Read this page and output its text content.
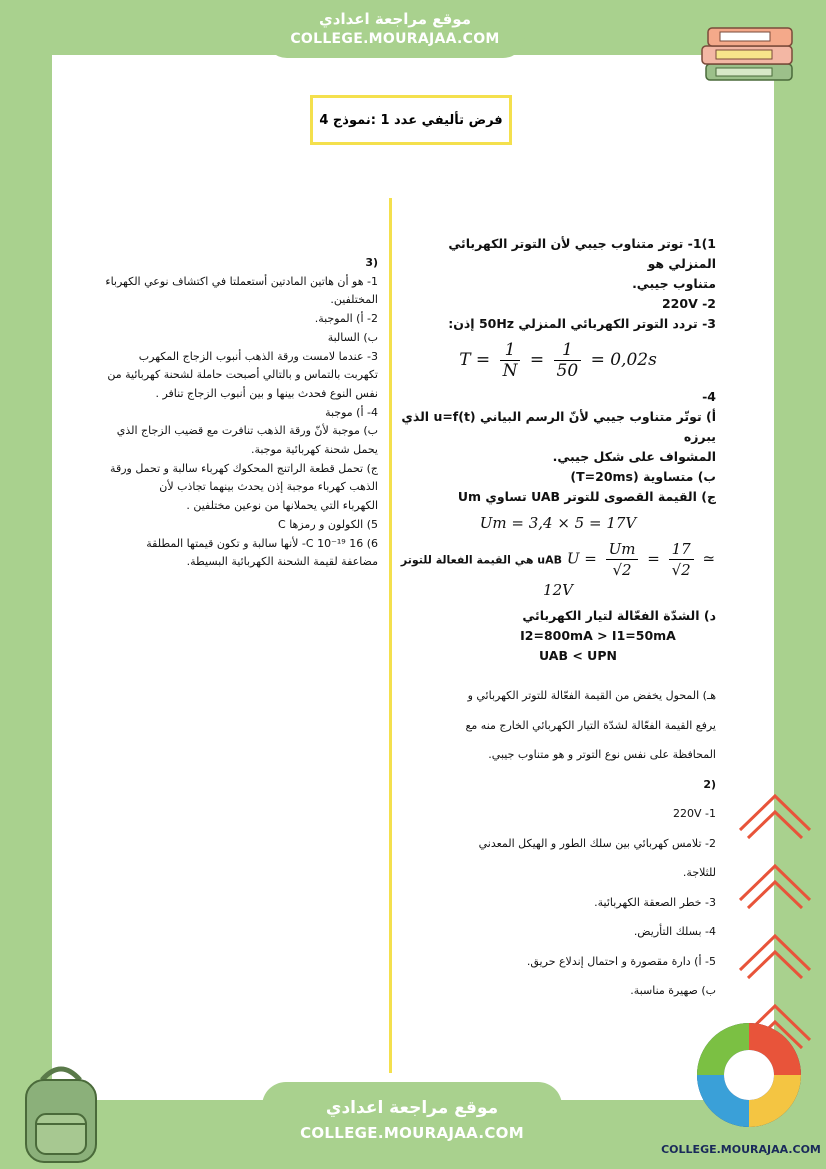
موقع مراجعة اعدادي
COLLEGE.MOURAJAA.COM
فرض تأليفي عدد 1 :نموذج 4

(3

1- هو أن هاتين المادتين أستعملتا في اكتشاف نوعي الكهرباء

المختلفين.

2- أ) الموجبة.

ب) السالبة

3- عندما لامست ورقة الذهب أنبوب الزجاج المكهرب

تكهربت بالتماس و بالتالي أصبحت حاملة لشحنة كهربائية من

نفس النوع فحدث بينها و بين أنبوب الزجاج تنافر .

4- أ) موجبة

ب) موجبة لأنّ ورقة الذهب تنافرت مع قضيب الزجاج الذي

يحمل شحنة كهربائية موجبة.

ج) تحمل قطعة الراتنج المحكوك كهرباء سالبة و تحمل ورقة

الذهب كهرباء موجبة إذن يحدث بينهما تجاذب لأن

الكهرباء التي يحملانها من نوعين مختلفين .

5) الكولون و رمزها C

6) C 10⁻¹⁹ 16- لأنها سالبة و تكون قيمتها المطلقة

مضاعفة لقيمة الشحنة الكهربائية البسيطة.

1)1- توتر متناوب جيبي لأن التوتر الكهربائي المنزلي هو

متناوب جيبي.

220V -2

3- تردد التوتر الكهربائي المنزلي 50Hz إذن:

$T = \frac{1}{N} = \frac{1}{50} = 0,02s$

4-

أ) توتّر متناوب جيبي لأنّ الرسم البياني u=f(t) الذي يبرزه

المشواف على شكل جيبي.

ب) متساوية (T=20ms)

ج) القيمة القصوى للتوتر UAB تساوي Um

Um = 3,4 × 5 = 17V
هي القيمة الفعالة للتوتر uAB $U = \frac{Um}{√2} = \frac{17}{√2}$ ≃ 12V

د) الشدّة الفعّالة لتيار الكهربائي

I2=800mA > I1=50mA

UAB < UPN

هـ) المحول يخفض من القيمة الفعّالة للتوتر الكهربائي و

يرفع القيمة الفعّالة لشدّة التيار الكهربائي الخارج منه مع

المحافظة على نفس نوع التوتر و هو متناوب جيبي.

(2

220V -1

2- تلامس كهربائي بين سلك الطور و الهيكل المعدني

للثلاجة.

3- خطر الصعقة الكهربائية.

4- بسلك التأريض.

5- أ) دارة مقصورة و احتمال إندلاع حريق.

ب) صهيرة مناسبة.

COLLEGE.MOURAJAA.COM
موقع مراجعة اعدادي
COLLEGE.MOURAJAA.COM
